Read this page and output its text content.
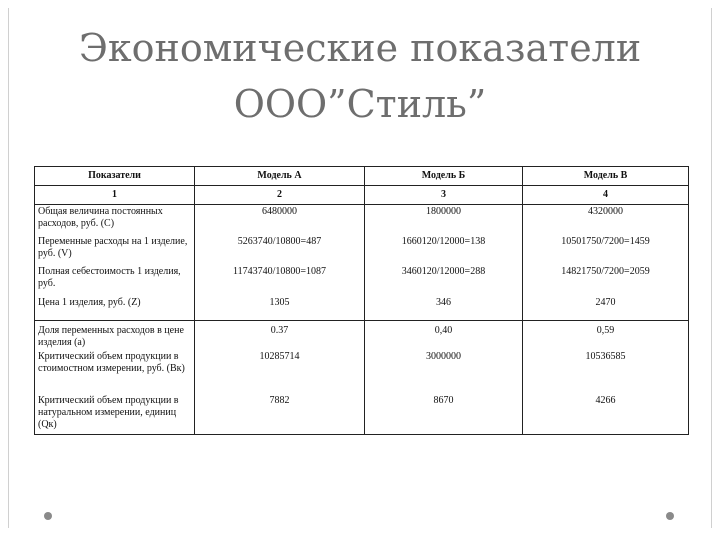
Экономические показатели
ООО”Стиль”
Показатели	Модель А	Модель Б	Модель В
1	2	3	4
Общая величина постоянных расходов, руб. (С)	6480000	1800000	4320000
Переменные расходы на 1 изделие, руб. (V)	5263740/10800=487	1660120/12000=138	10501750/7200=1459
Полная себестоимость 1 изделия, руб.	11743740/10800=1087	3460120/12000=288	14821750/7200=2059
Цена 1 изделия, руб. (Z)	1305	346	2470
Доля переменных расходов в цене изделия (а)	0.37	0,40	0,59
Критический объем продукции в стоимостном измерении, руб. (Вк)	10285714	3000000	10536585
Критический объем продукции в натуральном измерении, единиц (Qк)	7882	8670	4266
